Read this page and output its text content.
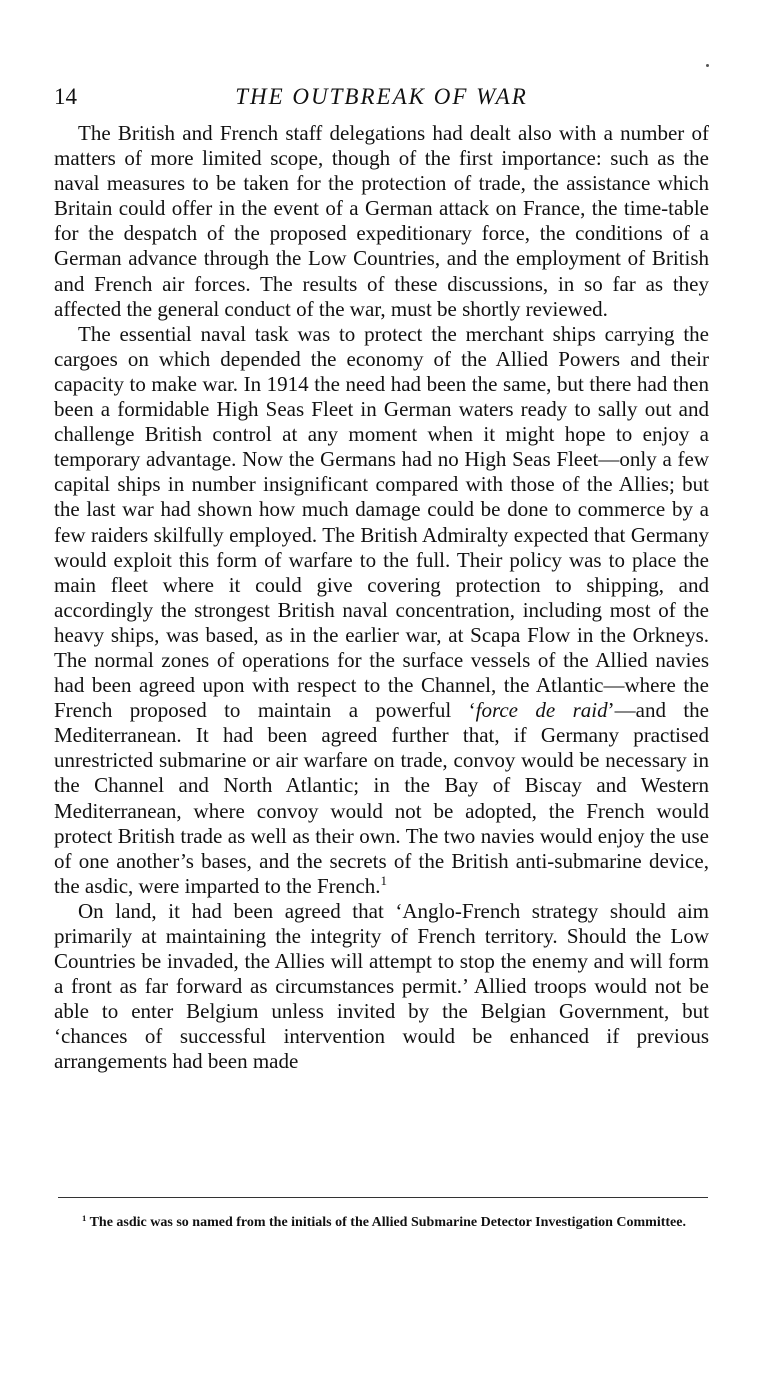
14	THE OUTBREAK OF WAR

The British and French staff delegations had dealt also with a number of matters of more limited scope, though of the first importance: such as the naval measures to be taken for the protection of trade, the assistance which Britain could offer in the event of a German attack on France, the time-table for the despatch of the proposed expeditionary force, the conditions of a German advance through the Low Countries, and the employment of British and French air forces. The results of these discussions, in so far as they affected the general conduct of the war, must be shortly reviewed.

The essential naval task was to protect the merchant ships carrying the cargoes on which depended the economy of the Allied Powers and their capacity to make war. In 1914 the need had been the same, but there had then been a formidable High Seas Fleet in German waters ready to sally out and challenge British control at any moment when it might hope to enjoy a temporary advantage. Now the Germans had no High Seas Fleet—only a few capital ships in number insignificant compared with those of the Allies; but the last war had shown how much damage could be done to commerce by a few raiders skilfully employed. The British Admiralty expected that Germany would exploit this form of warfare to the full. Their policy was to place the main fleet where it could give covering protection to shipping, and accordingly the strongest British naval concentration, including most of the heavy ships, was based, as in the earlier war, at Scapa Flow in the Orkneys. The normal zones of operations for the surface vessels of the Allied navies had been agreed upon with respect to the Channel, the Atlantic—where the French proposed to maintain a powerful ‘force de raid’—and the Mediterranean. It had been agreed further that, if Germany practised unrestricted submarine or air warfare on trade, convoy would be necessary in the Channel and North Atlantic; in the Bay of Biscay and Western Mediterranean, where convoy would not be adopted, the French would protect British trade as well as their own. The two navies would enjoy the use of one another’s bases, and the secrets of the British anti-submarine device, the asdic, were imparted to the French.$^1$

On land, it had been agreed that ‘Anglo-French strategy should aim primarily at maintaining the integrity of French territory. Should the Low Countries be invaded, the Allies will attempt to stop the enemy and will form a front as far forward as circumstances permit.’ Allied troops would not be able to enter Belgium unless invited by the Belgian Government, but ‘chances of successful intervention would be enhanced if previous arrangements had been made

$^1$ The asdic was so named from the initials of the Allied Submarine Detector Investigation Committee.
